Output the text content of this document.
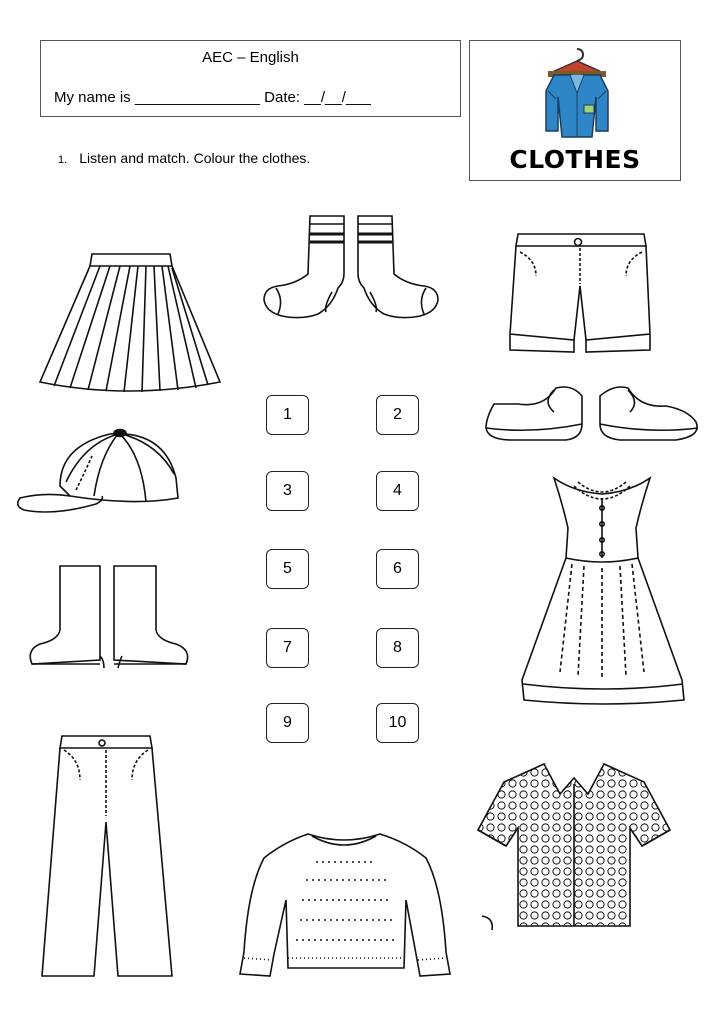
AEC – English
My name is _______________ Date: __/__/___
CLOTHES
1. Listen and match. Colour the clothes.
1	2
3	4
5	6
7	8
9	10
